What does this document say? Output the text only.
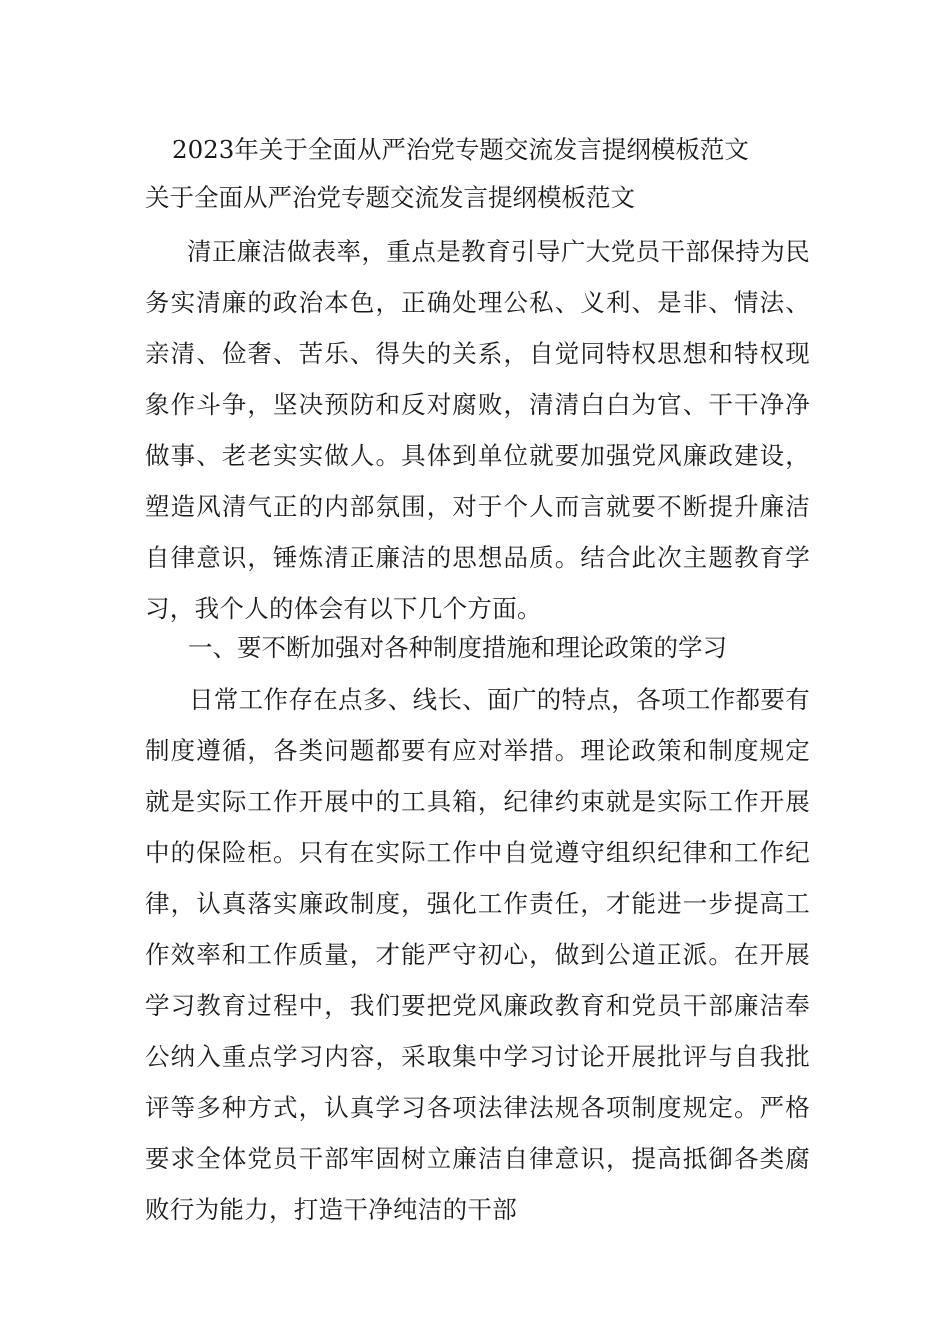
2023年关于全面从严治党专题交流发言提纲模板范文
关于全面从严治党专题交流发言提纲模板范文
清正廉洁做表率，重点是教育引导广大党员干部保持为民务实清廉的政治本色，正确处理公私、义利、是非、情法、亲清、俭奢、苦乐、得失的关系，自觉同特权思想和特权现象作斗争，坚决预防和反对腐败，清清白白为官、干干净净做事、老老实实做人。具体到单位就要加强党风廉政建设，塑造风清气正的内部氛围，对于个人而言就要不断提升廉洁自律意识，锤炼清正廉洁的思想品质。结合此次主题教育学习，我个人的体会有以下几个方面。
一、要不断加强对各种制度措施和理论政策的学习
日常工作存在点多、线长、面广的特点，各项工作都要有制度遵循，各类问题都要有应对举措。理论政策和制度规定就是实际工作开展中的工具箱，纪律约束就是实际工作开展中的保险柜。只有在实际工作中自觉遵守组织纪律和工作纪律，认真落实廉政制度，强化工作责任，才能进一步提高工作效率和工作质量，才能严守初心，做到公道正派。在开展学习教育过程中，我们要把党风廉政教育和党员干部廉洁奉公纳入重点学习内容，采取集中学习讨论开展批评与自我批评等多种方式，认真学习各项法律法规各项制度规定。严格要求全体党员干部牢固树立廉洁自律意识，提高抵御各类腐败行为能力，打造干净纯洁的干部
